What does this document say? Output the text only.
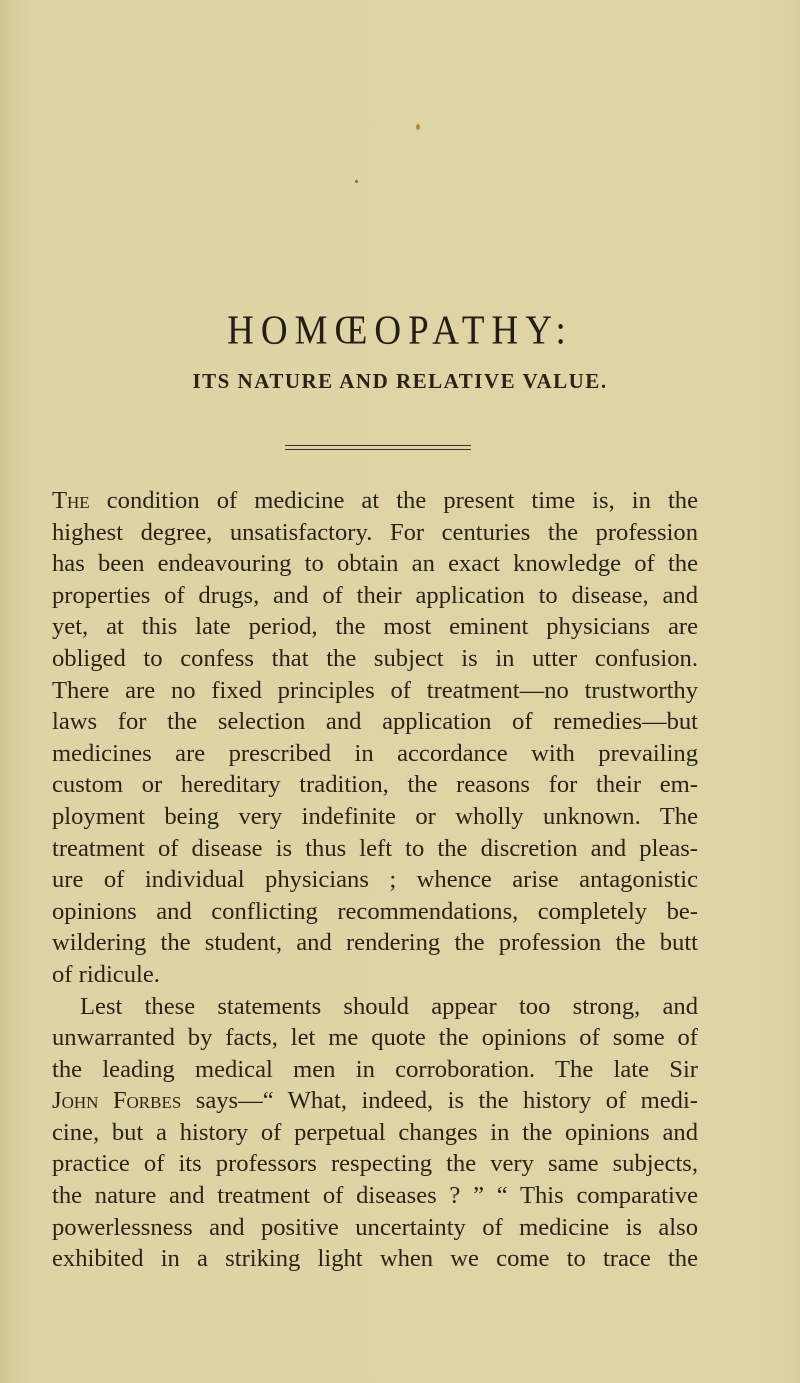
HOMŒOPATHY:
ITS NATURE AND RELATIVE VALUE.

The condition of medicine at the present time is, in the
highest degree, unsatisfactory. For centuries the profession
has been endeavouring to obtain an exact knowledge of the
properties of drugs, and of their application to disease, and
yet, at this late period, the most eminent physicians are
obliged to confess that the subject is in utter confusion.
There are no fixed principles of treatment—no trustworthy
laws for the selection and application of remedies—but
medicines are prescribed in accordance with prevailing
custom or hereditary tradition, the reasons for their em-
ployment being very indefinite or wholly unknown. The
treatment of disease is thus left to the discretion and pleas-
ure of individual physicians ; whence arise antagonistic
opinions and conflicting recommendations, completely be-
wildering the student, and rendering the profession the butt
of ridicule.

Lest these statements should appear too strong, and
unwarranted by facts, let me quote the opinions of some of
the leading medical men in corroboration. The late Sir
John Forbes says—“ What, indeed, is the history of medi-
cine, but a history of perpetual changes in the opinions and
practice of its professors respecting the very same subjects,
the nature and treatment of diseases ? ” “ This comparative
powerlessness and positive uncertainty of medicine is also
exhibited in a striking light when we come to trace the
